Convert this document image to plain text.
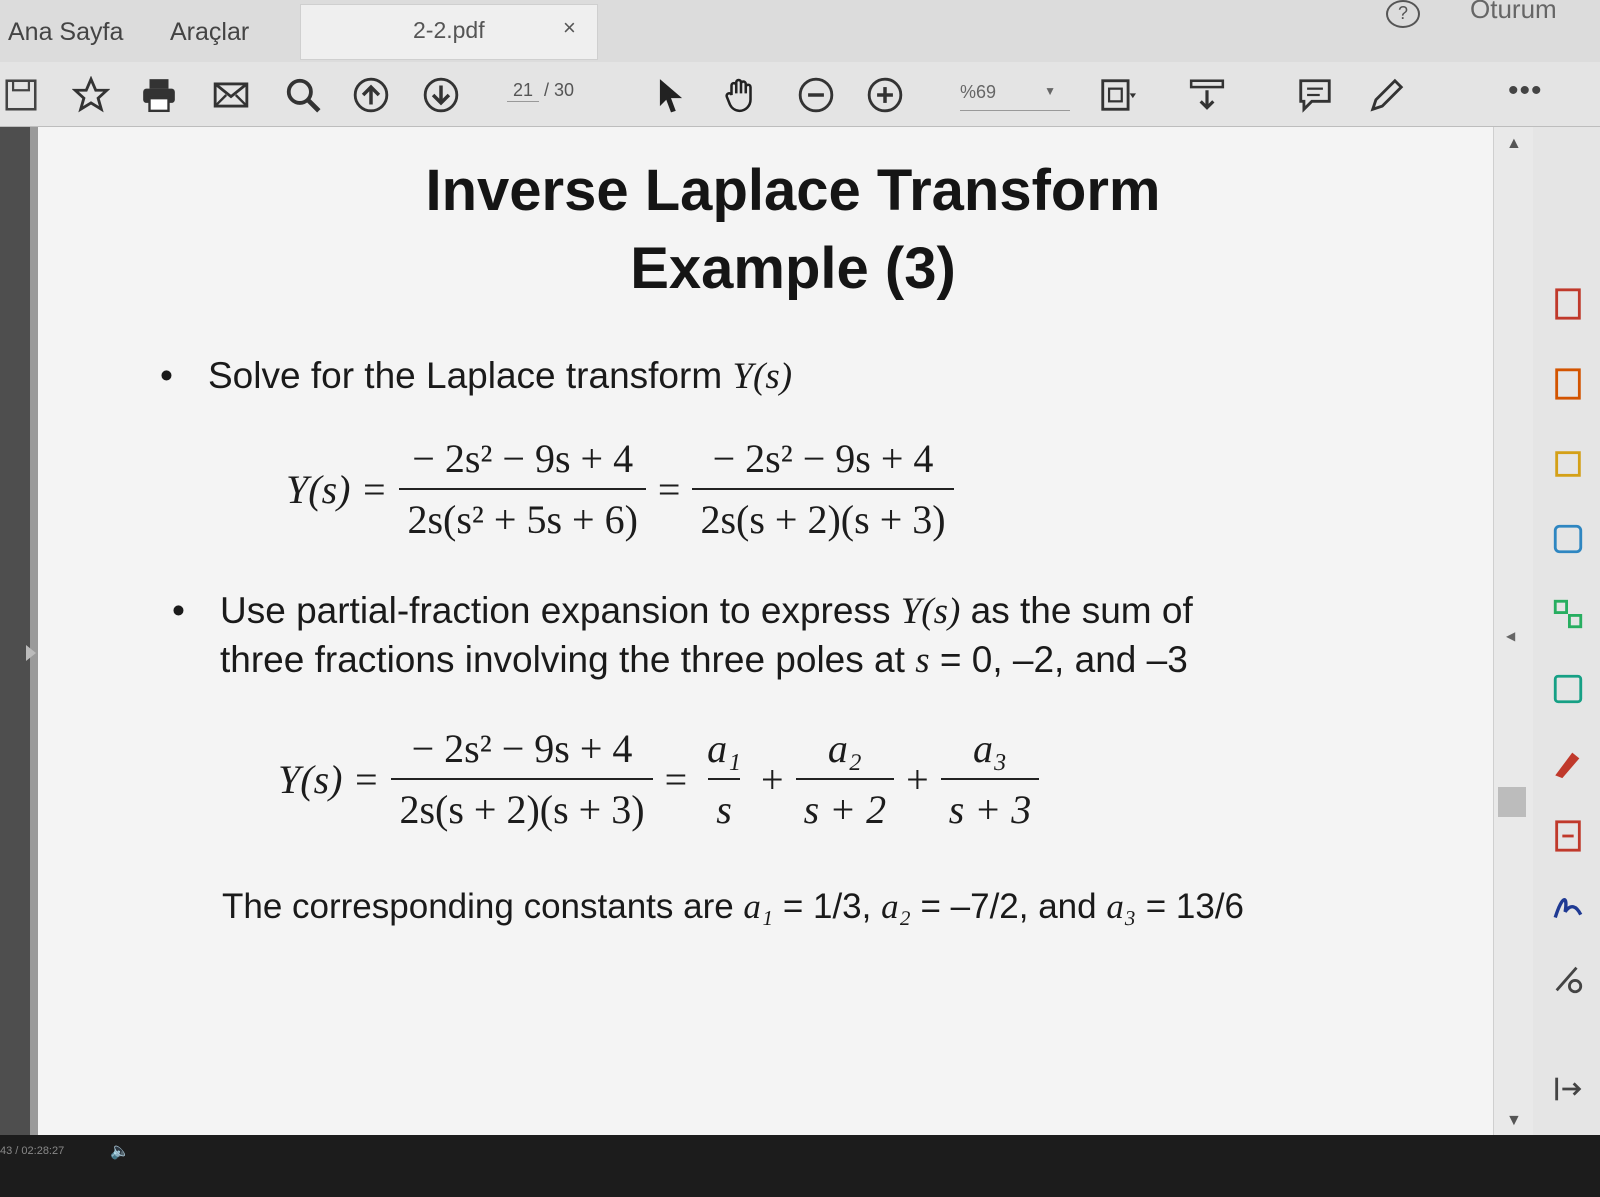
Ana Sayfa Araçlar	2-2.pdf	×
?	Oturum
21 / 30	%69	▼	•••
Inverse Laplace Transform
Example (3)
• Solve for the Laplace transform Y(s)
$Y(s) = \frac{\text{− 2s² − 9s + 4}}{\text{2s(s² + 5s + 6)}} = \frac{\text{− 2s² − 9s + 4}}{2s(s + 2)(s + 3)}$
• Use partial-fraction expansion to express Y(s) as the sum of
three fractions involving the three poles at s = 0, –2, and –3
$Y(s) = \frac{\text{− 2s² − 9s + 4}}{2s(s + 2)(s + 3)} = \frac{\text{a₁}}{s} + \frac{\text{a₂}}{s + 2} + \frac{\text{a₃}}{s + 3}$
The corresponding constants are a₁ = 1/3, a₂ = –7/2, and a₃ = 13/6
▲
◀
▼
43 / 02:28:27	🔈
